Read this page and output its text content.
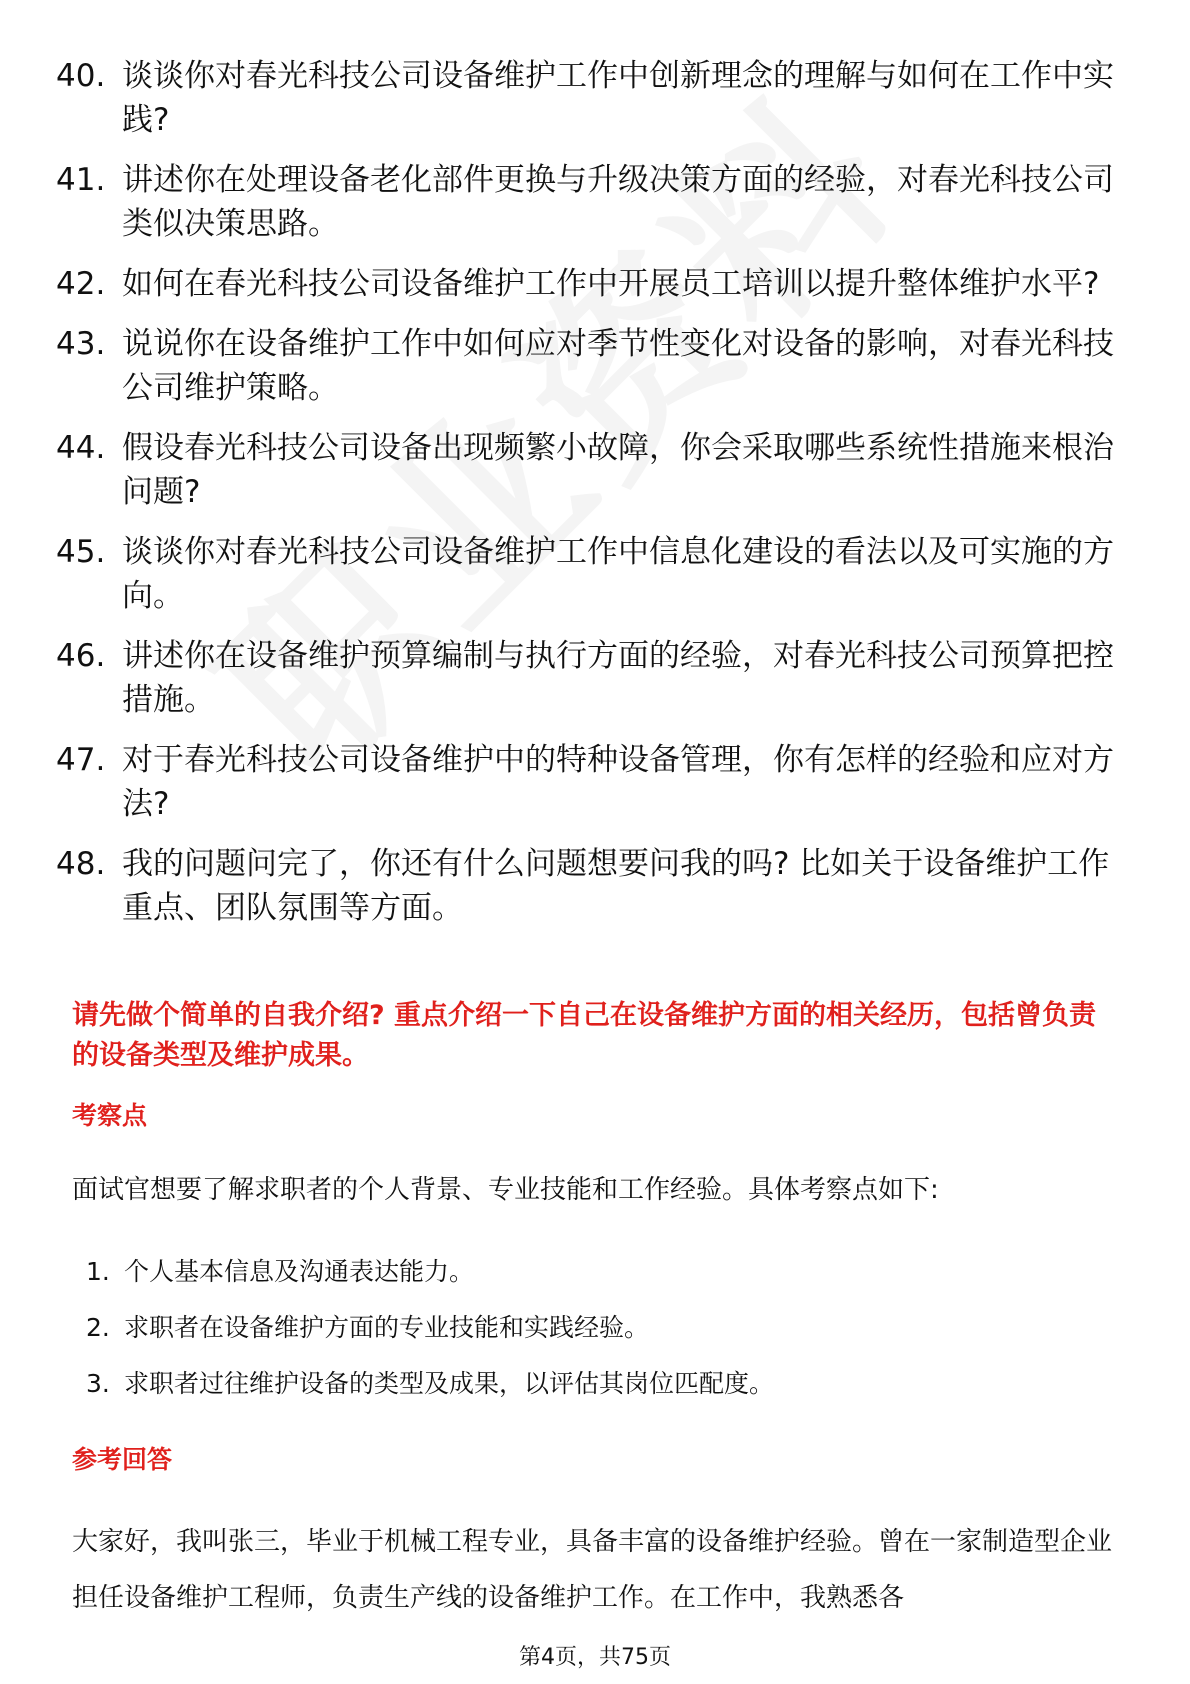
40. 谈谈你对春光科技公司设备维护工作中创新理念的理解与如何在工作中实践?
41. 讲述你在处理设备老化部件更换与升级决策方面的经验，对春光科技公司类似决策思路。
42. 如何在春光科技公司设备维护工作中开展员工培训以提升整体维护水平?
43. 说说你在设备维护工作中如何应对季节性变化对设备的影响，对春光科技公司维护策略。
44. 假设春光科技公司设备出现频繁小故障，你会采取哪些系统性措施来根治问题?
45. 谈谈你对春光科技公司设备维护工作中信息化建设的看法以及可实施的方向。
46. 讲述你在设备维护预算编制与执行方面的经验，对春光科技公司预算把控措施。
47. 对于春光科技公司设备维护中的特种设备管理，你有怎样的经验和应对方法?
48. 我的问题问完了，你还有什么问题想要问我的吗? 比如关于设备维护工作重点、团队氛围等方面。
请先做个简单的自我介绍? 重点介绍一下自己在设备维护方面的相关经历，包括曾负责的设备类型及维护成果。
考察点
面试官想要了解求职者的个人背景、专业技能和工作经验。具体考察点如下:
1. 个人基本信息及沟通表达能力。
2. 求职者在设备维护方面的专业技能和实践经验。
3. 求职者过往维护设备的类型及成果，以评估其岗位匹配度。
参考回答
大家好，我叫张三，毕业于机械工程专业，具备丰富的设备维护经验。曾在一家制造型企业担任设备维护工程师，负责生产线的设备维护工作。在工作中，我熟悉各
第4页，共75页
